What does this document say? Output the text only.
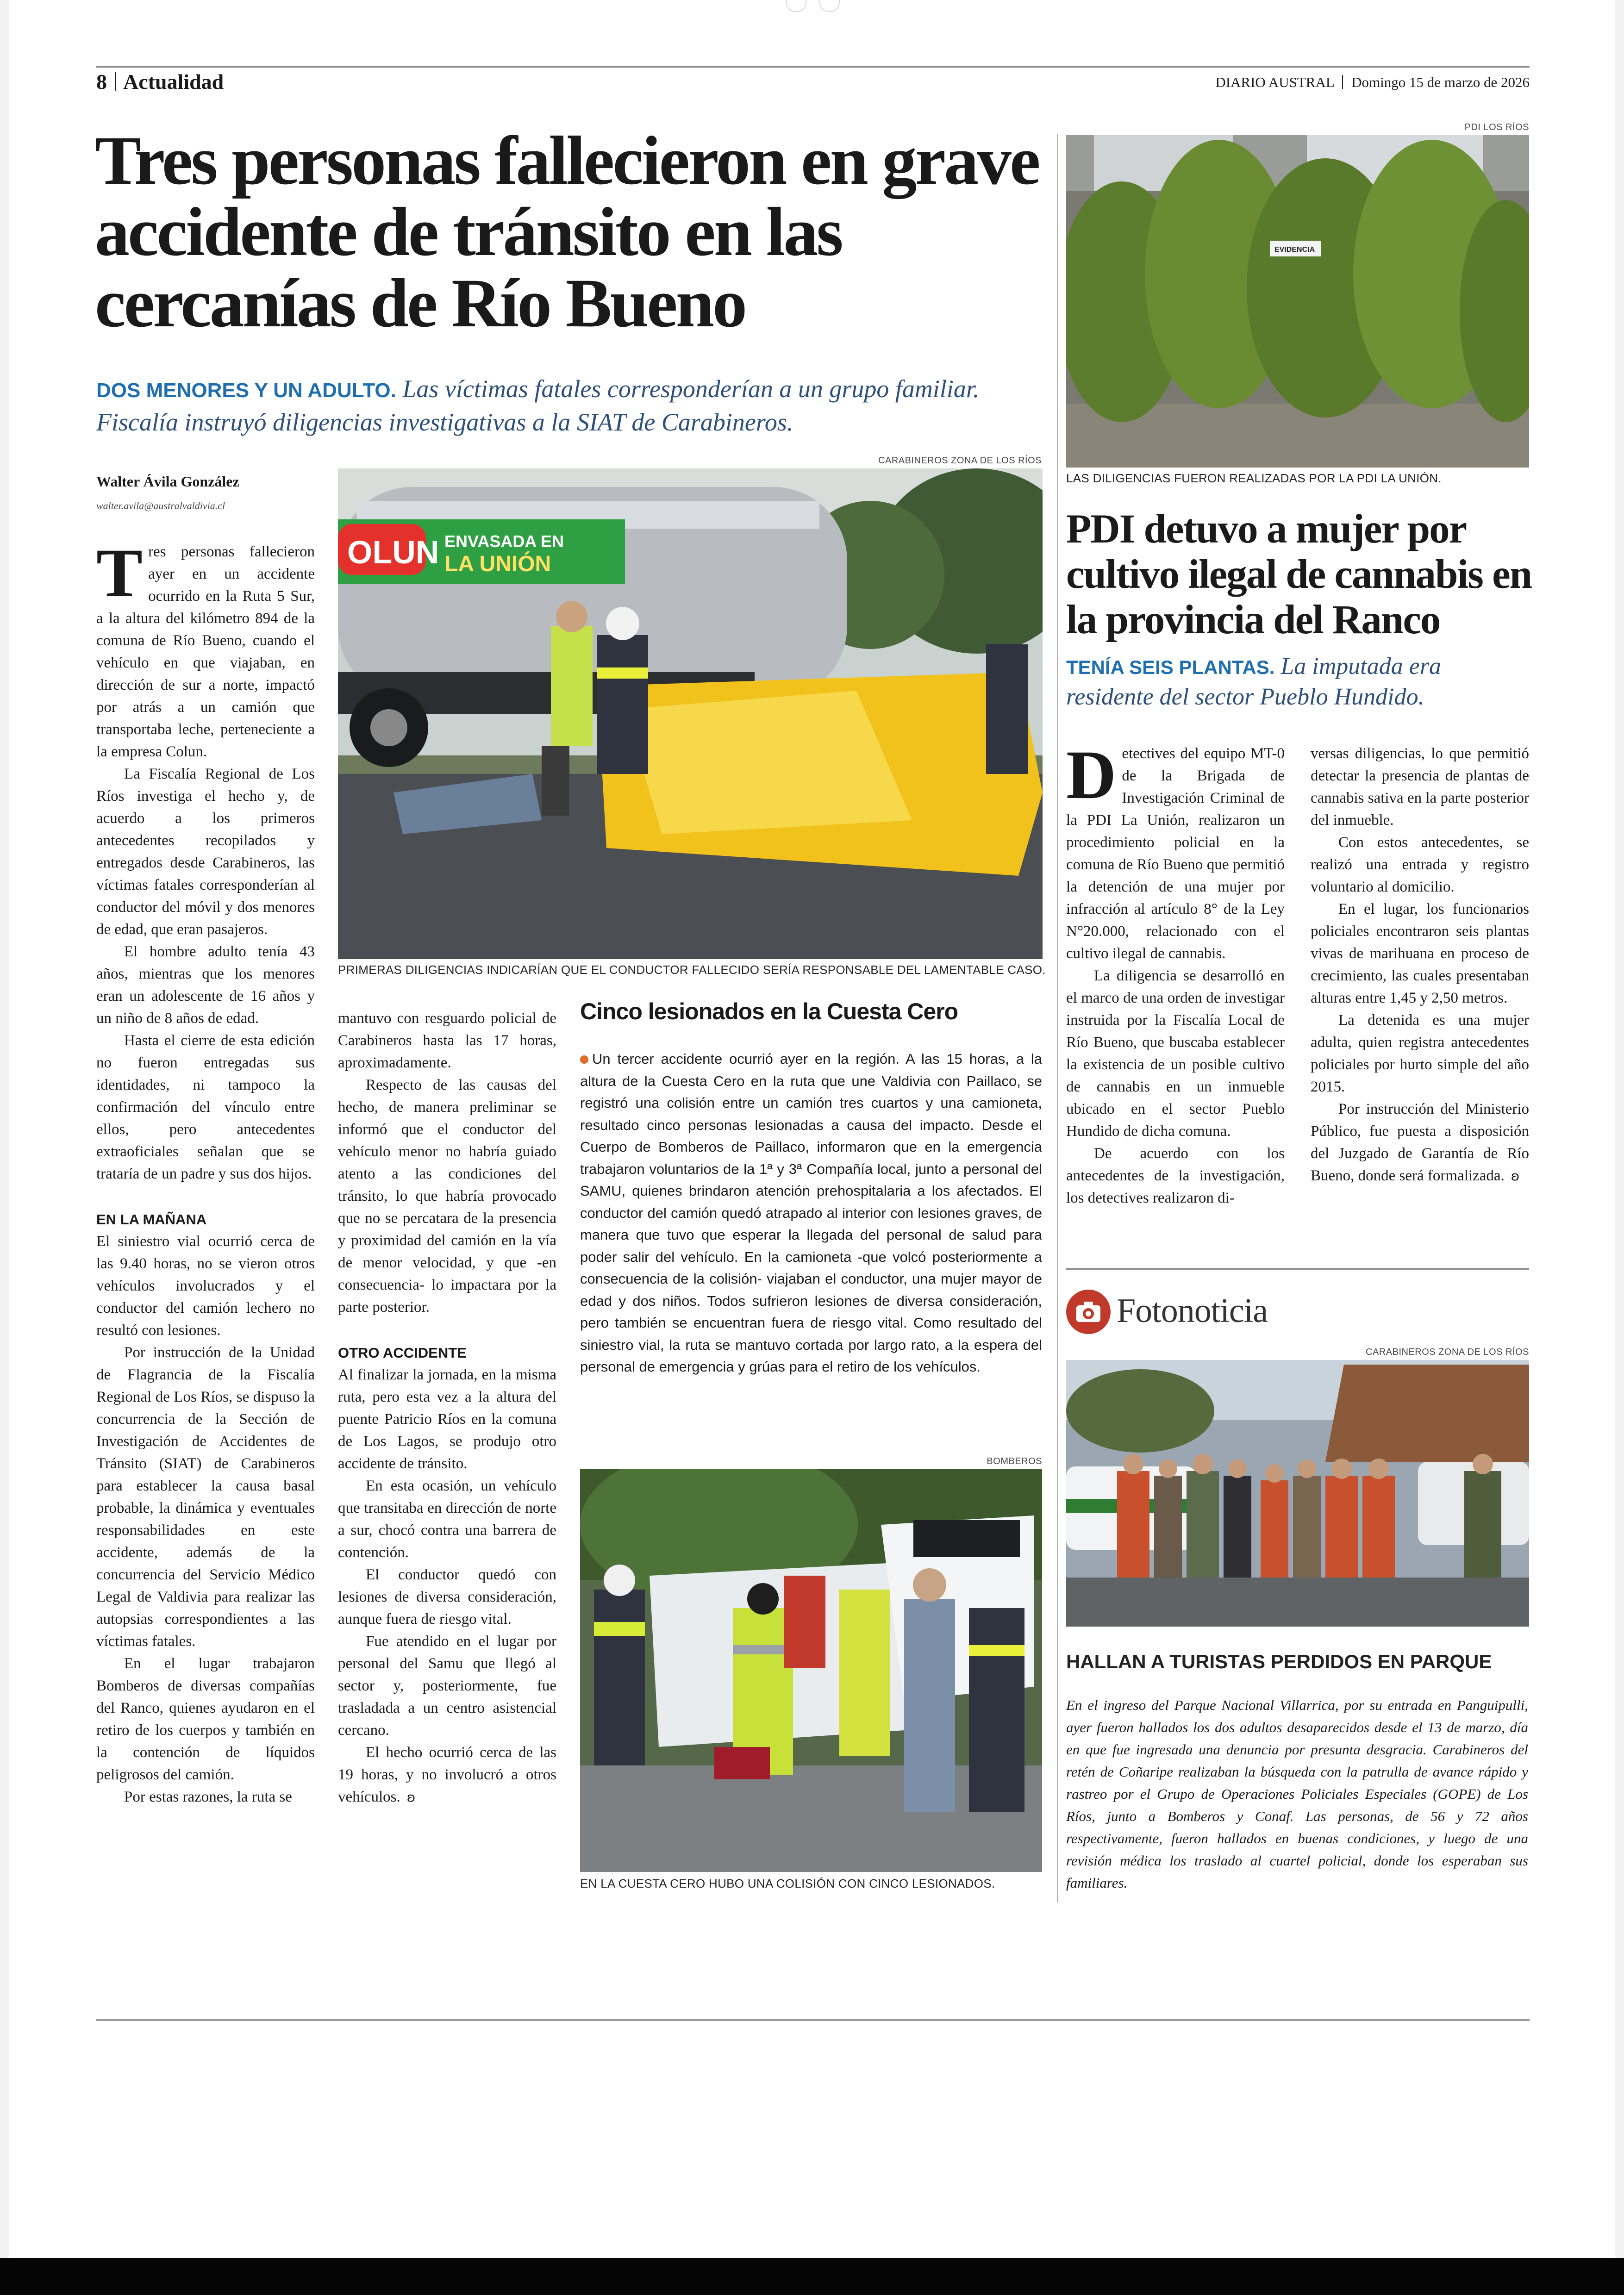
8 Actualidad	DIARIO AUSTRAL Domingo 15 de marzo de 2026
Tres personas fallecieron en grave accidente de tránsito en las cercanías de Río Bueno
DOS MENORES Y UN ADULTO. Las víctimas fatales corresponderían a un grupo familiar. Fiscalía instruyó diligencias investigativas a la SIAT de Carabineros.
Walter Ávila González
walter.avila@australvaldivia.cl
CARABINEROS ZONA DE LOS RÍOS
OLUN ENVASADA EN
LA UNIÓN
PRIMERAS DILIGENCIAS INDICARÍAN QUE EL CONDUCTOR FALLECIDO SERÍA RESPONSABLE DEL LAMENTABLE CASO.

Tres personas fallecieron ayer en un accidente ocurrido en la Ruta 5 Sur, a la altura del kilómetro 894 de la comuna de Río Bueno, cuando el vehículo en que viajaban, en dirección de sur a norte, impactó por atrás a un camión que transportaba leche, perteneciente a la empresa Colun.

La Fiscalía Regional de Los Ríos investiga el hecho y, de acuerdo a los primeros antecedentes recopilados y entregados desde Carabineros, las víctimas fatales corresponderían al conductor del móvil y dos menores de edad, que eran pasajeros.

El hombre adulto tenía 43 años, mientras que los menores eran un adolescente de 16 años y un niño de 8 años de edad.

Hasta el cierre de esta edición no fueron entregadas sus identidades, ni tampoco la confirmación del vínculo entre ellos, pero antecedentes extraoficiales señalan que se trataría de un padre y sus dos hijos.

EN LA MAÑANA

El siniestro vial ocurrió cerca de las 9.40 horas, no se vieron otros vehículos involucrados y el conductor del camión lechero no resultó con lesiones.

Por instrucción de la Unidad de Flagrancia de la Fiscalía Regional de Los Ríos, se dispuso la concurrencia de la Sección de Investigación de Accidentes de Tránsito (SIAT) de Carabineros para establecer la causa basal probable, la dinámica y eventuales responsabilidades en este accidente, además de la concurrencia del Servicio Médico Legal de Valdivia para realizar las autopsias correspondientes a las víctimas fatales.

En el lugar trabajaron Bomberos de diversas compañías del Ranco, quienes ayudaron en el retiro de los cuerpos y también en la contención de líquidos peligrosos del camión.

Por estas razones, la ruta se

mantuvo con resguardo policial de Carabineros hasta las 17 horas, aproximadamente.

Respecto de las causas del hecho, de manera preliminar se informó que el conductor del vehículo menor no habría guiado atento a las condiciones del tránsito, lo que habría provocado que no se percatara de la presencia y proximidad del camión en la vía de menor velocidad, y que -en consecuencia- lo impactara por la parte posterior.

OTRO ACCIDENTE

Al finalizar la jornada, en la misma ruta, pero esta vez a la altura del puente Patricio Ríos en la comuna de Los Lagos, se produjo otro accidente de tránsito.

En esta ocasión, un vehículo que transitaba en dirección de norte a sur, chocó contra una barrera de contención.

El conductor quedó con lesiones de diversa consideración, aunque fuera de riesgo vital.

Fue atendido en el lugar por personal del Samu que llegó al sector y, posteriormente, fue trasladada a un centro asistencial cercano.

El hecho ocurrió cerca de las 19 horas, y no involucró a otros vehículos. ʚ

Cinco lesionados en la Cuesta Cero
Un tercer accidente ocurrió ayer en la región. A las 15 horas, a la altura de la Cuesta Cero en la ruta que une Valdivia con Paillaco, se registró una colisión entre un camión tres cuartos y una camioneta, resultado cinco personas lesionadas a causa del impacto. Desde el Cuerpo de Bomberos de Paillaco, informaron que en la emergencia trabajaron voluntarios de la 1ª y 3ª Compañía local, junto a personal del SAMU, quienes brindaron atención prehospitalaria a los afectados. El conductor del camión quedó atrapado al interior con lesiones graves, de manera que tuvo que esperar la llegada del personal de salud para poder salir del vehículo. En la camioneta -que volcó posteriormente a consecuencia de la colisión- viajaban el conductor, una mujer mayor de edad y dos niños. Todos sufrieron lesiones de diversa consideración, pero también se encuentran fuera de riesgo vital. Como resultado del siniestro vial, la ruta se mantuvo cortada por largo rato, a la espera del personal de emergencia y grúas para el retiro de los vehículos.
BOMBEROS
EN LA CUESTA CERO HUBO UNA COLISIÓN CON CINCO LESIONADOS.
PDI LOS RÍOS
EVIDENCIA
LAS DILIGENCIAS FUERON REALIZADAS POR LA PDI LA UNIÓN.
PDI detuvo a mujer por cultivo ilegal de cannabis en la provincia del Ranco
TENÍA SEIS PLANTAS. La imputada era residente del sector Pueblo Hundido.

Detectives del equipo MT-0 de la Brigada de Investigación Criminal de la PDI La Unión, realizaron un procedimiento policial en la comuna de Río Bueno que permitió la detención de una mujer por infracción al artículo 8° de la Ley N°20.000, relacionado con el cultivo ilegal de cannabis.

La diligencia se desarrolló en el marco de una orden de investigar instruida por la Fiscalía Local de Río Bueno, que buscaba establecer la existencia de un posible cultivo de cannabis en un inmueble ubicado en el sector Pueblo Hundido de dicha comuna.

De acuerdo con los antecedentes de la investigación, los detectives realizaron di-

versas diligencias, lo que permitió detectar la presencia de plantas de cannabis sativa en la parte posterior del inmueble.

Con estos antecedentes, se realizó una entrada y registro voluntario al domicilio.

En el lugar, los funcionarios policiales encontraron seis plantas vivas de marihuana en proceso de crecimiento, las cuales presentaban alturas entre 1,45 y 2,50 metros.

La detenida es una mujer adulta, quien registra antecedentes policiales por hurto simple del año 2015.

Por instrucción del Ministerio Público, fue puesta a disposición del Juzgado de Garantía de Río Bueno, donde será formalizada. ʚ

Fotonoticia
CARABINEROS ZONA DE LOS RÍOS
HALLAN A TURISTAS PERDIDOS EN PARQUE
En el ingreso del Parque Nacional Villarrica, por su entrada en Panguipulli, ayer fueron hallados los dos adultos desaparecidos desde el 13 de marzo, día en que fue ingresada una denuncia por presunta desgracia. Carabineros del retén de Coñaripe realizaban la búsqueda con la patrulla de avance rápido y rastreo por el Grupo de Operaciones Policiales Especiales (GOPE) de Los Ríos, junto a Bomberos y Conaf. Las personas, de 56 y 72 años respectivamente, fueron hallados en buenas condiciones, y luego de una revisión médica los traslado al cuartel policial, donde los esperaban sus familiares.
